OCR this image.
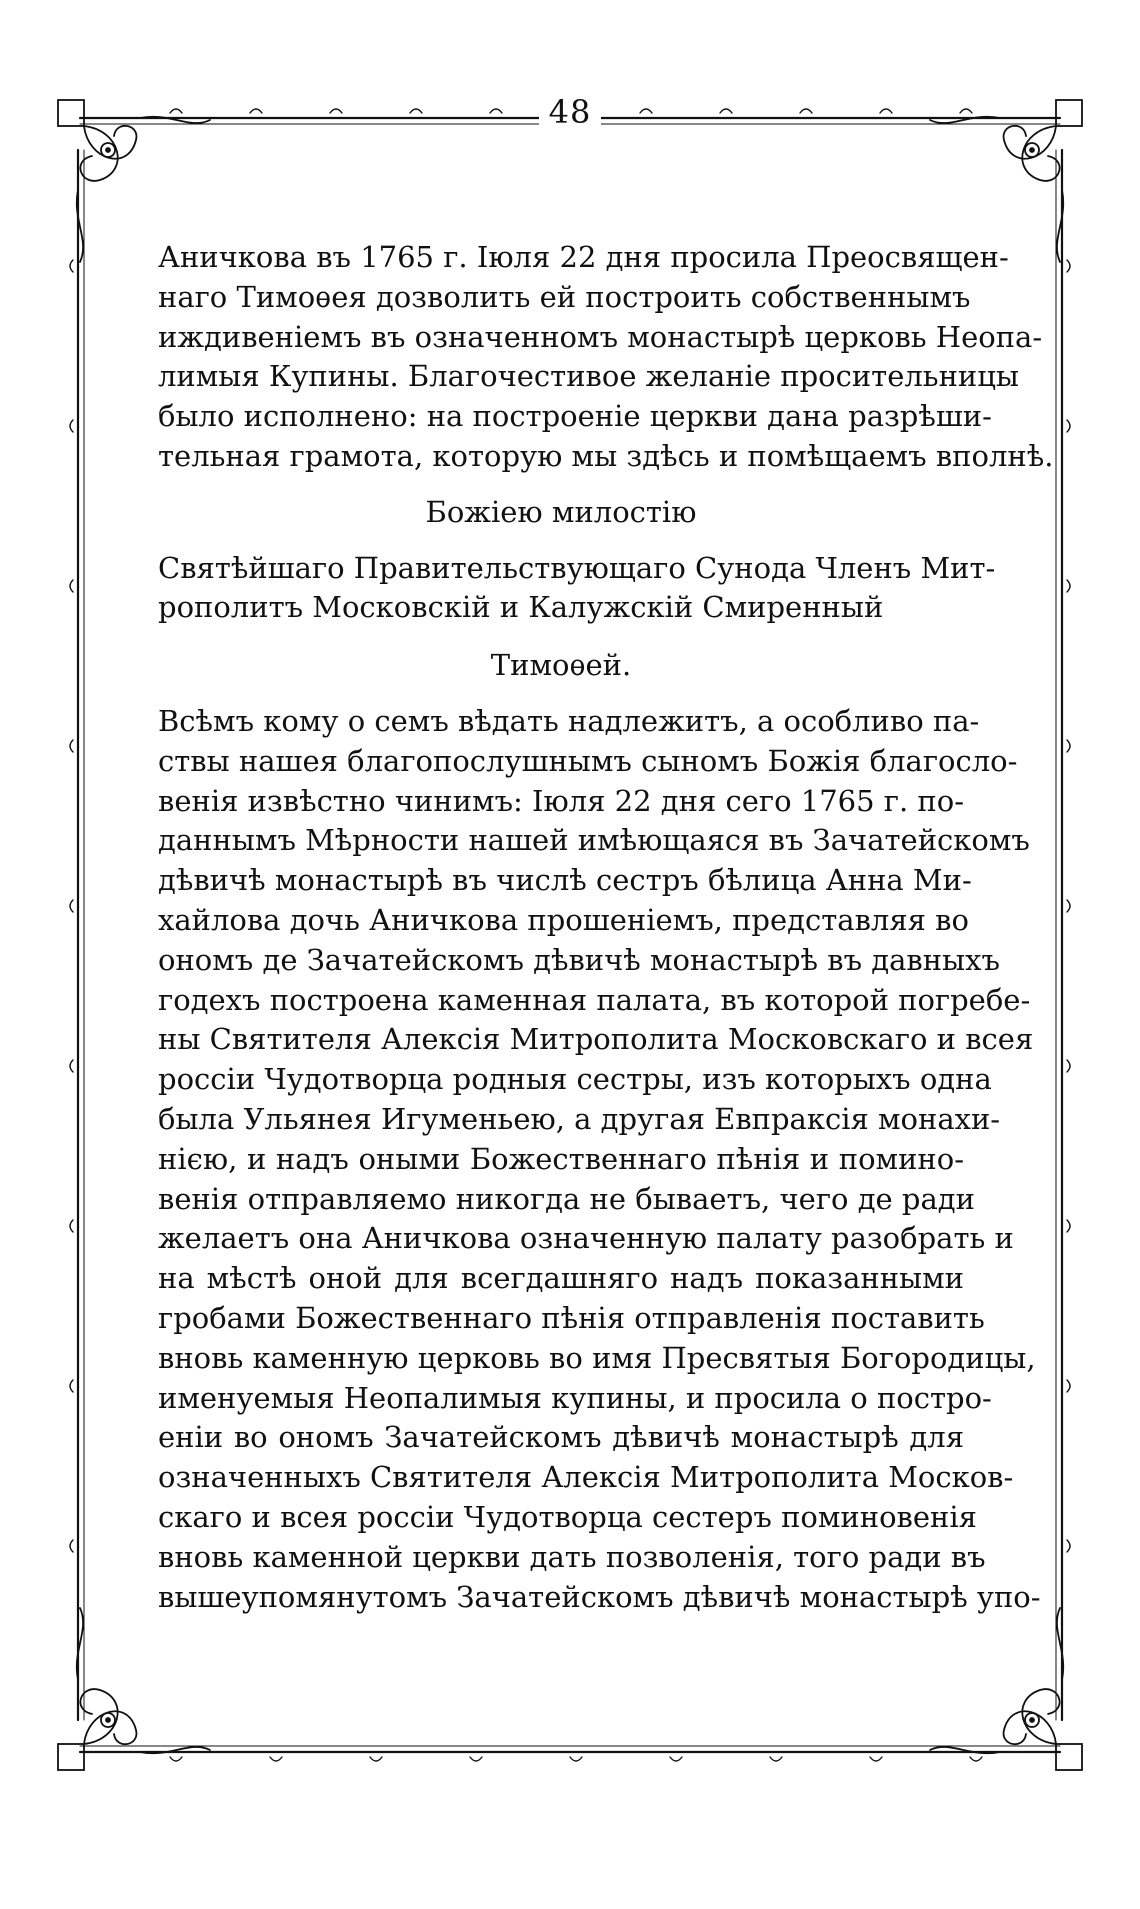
48
Аничкова въ 1765 г. Іюля 22 дня просила Преосвящен-
наго Тимоѳея дозволить ей построить собственнымъ
иждивеніемъ въ означенномъ монастырѣ церковь Неопа-
лимыя Купины. Благочестивое желаніе просительницы
было исполнено: на построеніе церкви дана разрѣши-
тельная грамота, которую мы здѣсь и помѣщаемъ вполнѣ.
Божіею милостію
Святѣйшаго Правительствующаго Сунода Членъ Мит-
рополитъ Московскій и Калужскій Смиренный
Тимоѳей.
Всѣмъ кому о семъ вѣдать надлежитъ, а особливо па-
ствы нашея благопослушнымъ сыномъ Божія благосло-
венія извѣстно чинимъ: Іюля 22 дня сего 1765 г. по-
даннымъ Мѣрности нашей имѣющаяся въ Зачатейскомъ
дѣвичѣ монастырѣ въ числѣ сестръ бѣлица Анна Ми-
хайлова дочь Аничкова прошеніемъ, представляя во
ономъ де Зачатейскомъ дѣвичѣ монастырѣ въ давныхъ
годехъ построена каменная палата, въ которой погребе-
ны Святителя Алексія Митрополита Московскаго и всея
россіи Чудотворца родныя сестры, изъ которыхъ одна
была Ульянея Игуменьею, а другая Евпраксія монахи-
нією, и надъ оными Божественнаго пѣнія и помино-
венія отправляемо никогда не бываетъ, чего де ради
желаетъ она Аничкова означенную палату разобрать и
на мѣстѣ оной для всегдашняго надъ показанными
гробами Божественнаго пѣнія отправленія поставить
вновь каменную церковь во имя Пресвятыя Богородицы,
именуемыя Неопалимыя купины, и просила о постро-
еніи во ономъ Зачатейскомъ дѣвичѣ монастырѣ для
означенныхъ Святителя Алексія Митрополита Москов-
скаго и всея россіи Чудотворца сестеръ поминовенія
вновь каменной церкви дать позволенія, того ради въ
вышеупомянутомъ Зачатейскомъ дѣвичѣ монастырѣ упо-
